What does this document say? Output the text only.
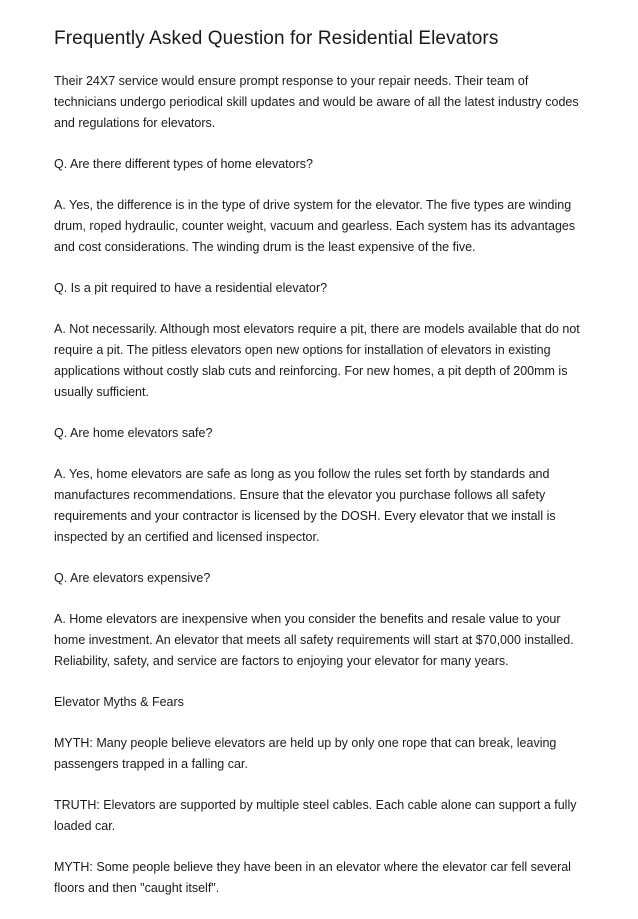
Frequently Asked Question for Residential Elevators

Their 24X7 service would ensure prompt response to your repair needs. Their team of technicians undergo periodical skill updates and would be aware of all the latest industry codes and regulations for elevators.

Q. Are there different types of home elevators?

A. Yes, the difference is in the type of drive system for the elevator. The five types are winding drum, roped hydraulic, counter weight, vacuum and gearless. Each system has its advantages and cost considerations. The winding drum is the least expensive of the five.

Q. Is a pit required to have a residential elevator?

A. Not necessarily. Although most elevators require a pit, there are models available that do not require a pit. The pitless elevators open new options for installation of elevators in existing applications without costly slab cuts and reinforcing. For new homes, a pit depth of 200mm is usually sufficient.

Q. Are home elevators safe?

A. Yes, home elevators are safe as long as you follow the rules set forth by standards and manufactures recommendations. Ensure that the elevator you purchase follows all safety requirements and your contractor is licensed by the DOSH. Every elevator that we install is inspected by an certified and licensed inspector.

Q. Are elevators expensive?

A. Home elevators are inexpensive when you consider the benefits and resale value to your home investment. An elevator that meets all safety requirements will start at $70,000 installed. Reliability, safety, and service are factors to enjoying your elevator for many years.

Elevator Myths & Fears

MYTH: Many people believe elevators are held up by only one rope that can break, leaving passengers trapped in a falling car.

TRUTH: Elevators are supported by multiple steel cables. Each cable alone can support a fully loaded car.

MYTH: Some people believe they have been in an elevator where the elevator car fell several floors and then "caught itself".
